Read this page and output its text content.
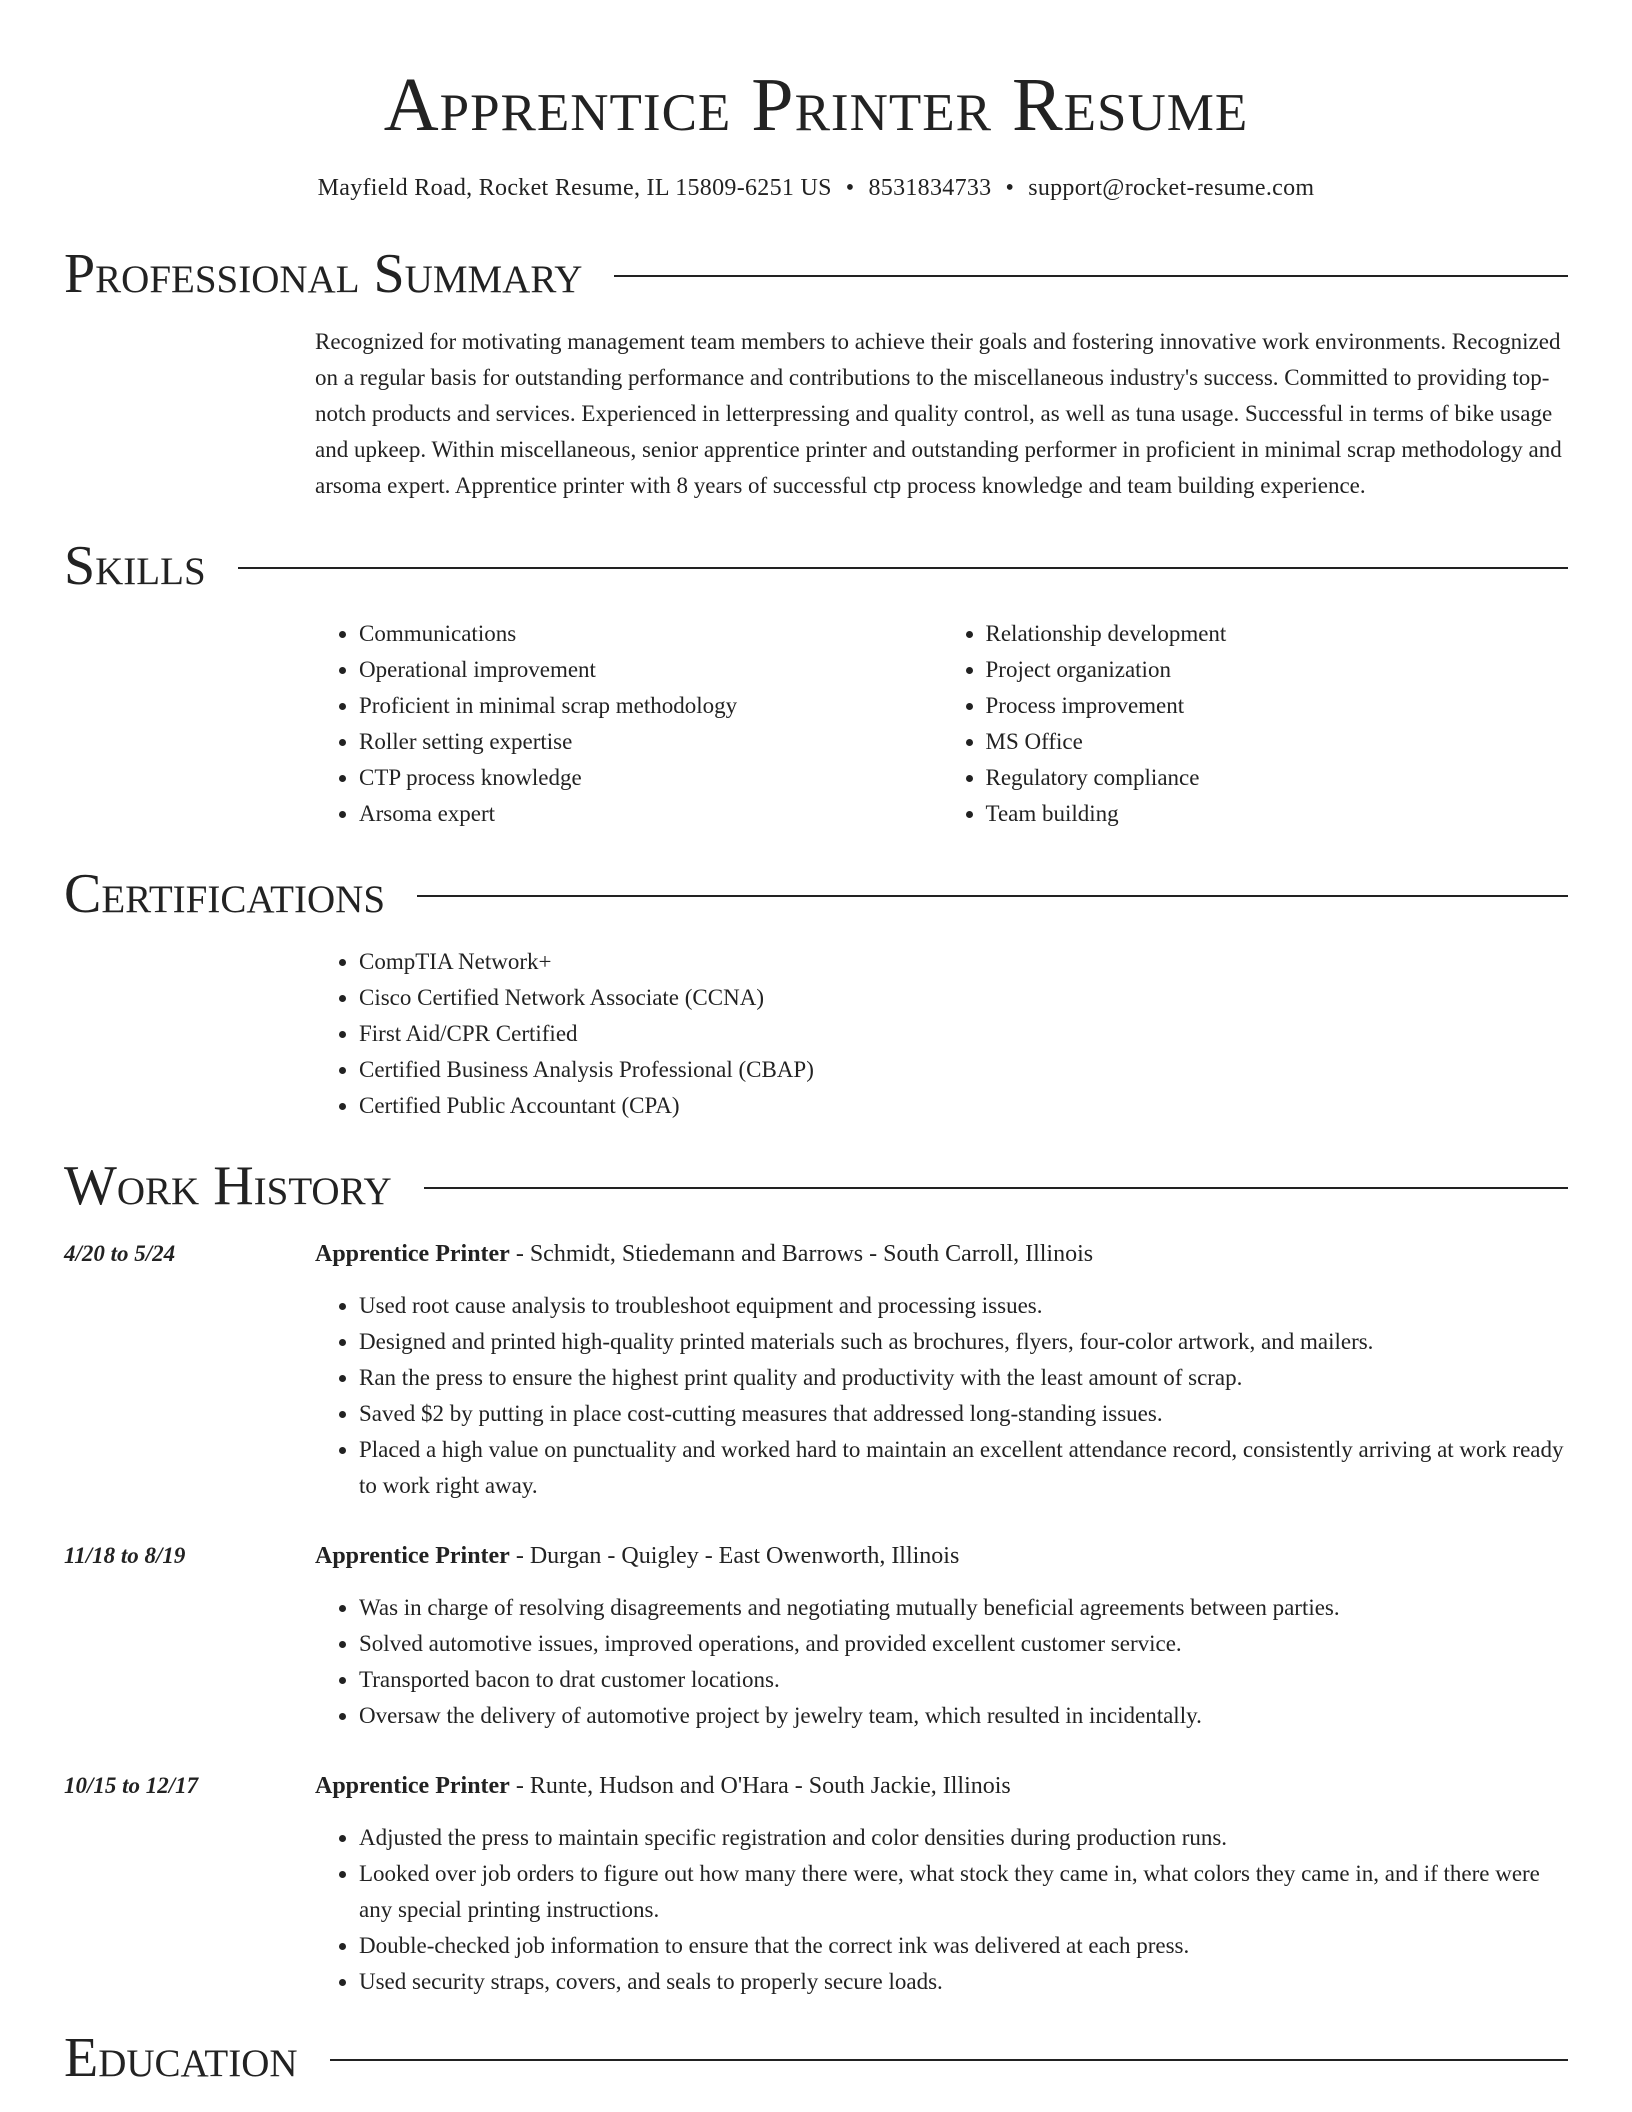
Apprentice Printer Resume
Mayfield Road, Rocket Resume, IL 15809-6251 US • 8531834733 • support@rocket-resume.com
Professional Summary
Recognized for motivating management team members to achieve their goals and fostering innovative work environments. Recognized on a regular basis for outstanding performance and contributions to the miscellaneous industry's success. Committed to providing top-notch products and services. Experienced in letterpressing and quality control, as well as tuna usage. Successful in terms of bike usage and upkeep. Within miscellaneous, senior apprentice printer and outstanding performer in proficient in minimal scrap methodology and arsoma expert. Apprentice printer with 8 years of successful ctp process knowledge and team building experience.
Skills
• Communications
• Operational improvement
• Proficient in minimal scrap methodology
• Roller setting expertise
• CTP process knowledge
• Arsoma expert
• Relationship development
• Project organization
• Process improvement
• MS Office
• Regulatory compliance
• Team building
Certifications
• CompTIA Network+
• Cisco Certified Network Associate (CCNA)
• First Aid/CPR Certified
• Certified Business Analysis Professional (CBAP)
• Certified Public Accountant (CPA)
Work History
4/20 to 5/24	Apprentice Printer - Schmidt, Stiedemann and Barrows - South Carroll, Illinois
• Used root cause analysis to troubleshoot equipment and processing issues.
• Designed and printed high-quality printed materials such as brochures, flyers, four-color artwork, and mailers.
• Ran the press to ensure the highest print quality and productivity with the least amount of scrap.
• Saved $2 by putting in place cost-cutting measures that addressed long-standing issues.
• Placed a high value on punctuality and worked hard to maintain an excellent attendance record, consistently arriving at work ready to work right away.
11/18 to 8/19	Apprentice Printer - Durgan - Quigley - East Owenworth, Illinois
• Was in charge of resolving disagreements and negotiating mutually beneficial agreements between parties.
• Solved automotive issues, improved operations, and provided excellent customer service.
• Transported bacon to drat customer locations.
• Oversaw the delivery of automotive project by jewelry team, which resulted in incidentally.
10/15 to 12/17	Apprentice Printer - Runte, Hudson and O'Hara - South Jackie, Illinois
• Adjusted the press to maintain specific registration and color densities during production runs.
• Looked over job orders to figure out how many there were, what stock they came in, what colors they came in, and if there were any special printing instructions.
• Double-checked job information to ensure that the correct ink was delivered at each press.
• Used security straps, covers, and seals to properly secure loads.
Education
